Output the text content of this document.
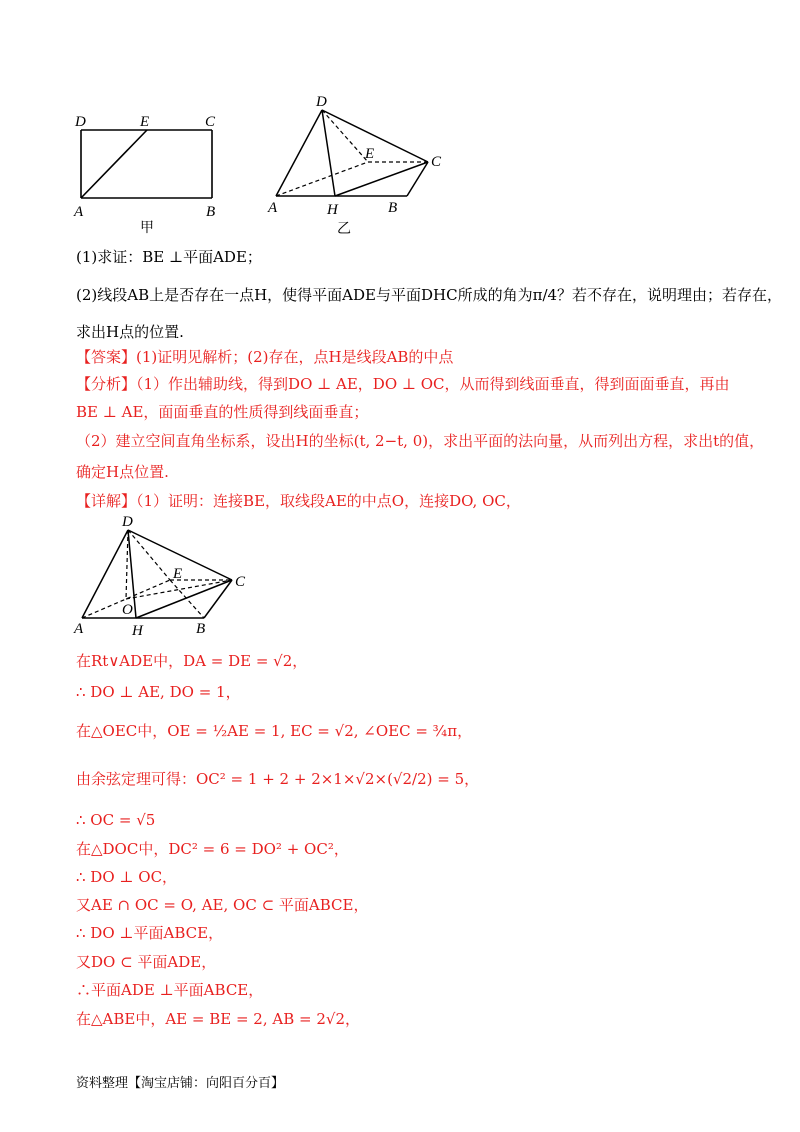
D	E	C
A	B
甲
D
E	C
A	H	B
乙
(1)求证：BE ⊥平面ADE；
(2)线段AB上是否存在一点H，使得平面ADE与平面DHC所成的角为π/4？若不存在，说明理由；若存在，
求出H点的位置.
【答案】(1)证明见解析；(2)存在，点H是线段AB的中点
【分析】（1）作出辅助线，得到DO ⊥ AE，DO ⊥ OC，从而得到线面垂直，得到面面垂直，再由
BE ⊥ AE，面面垂直的性质得到线面垂直；
（2）建立空间直角坐标系，设出H的坐标(t, 2−t, 0)，求出平面的法向量，从而列出方程，求出t的值，
确定H点位置.
【详解】（1）证明：连接BE，取线段AE的中点O，连接DO, OC，
D
E	C
A
O
H	B
在Rt∨ADE中，DA = DE = √2，
∴ DO ⊥ AE, DO = 1，
在△OEC中，OE = ½AE = 1, EC = √2, ∠OEC = ¾π，
由余弦定理可得：OC² = 1 + 2 + 2×1×√2×(√2/2) = 5，
∴ OC = √5
在△DOC中，DC² = 6 = DO² + OC²，
∴ DO ⊥ OC，
又AE ∩ OC = O, AE, OC ⊂ 平面ABCE，
∴ DO ⊥平面ABCE，
又DO ⊂ 平面ADE，
∴平面ADE ⊥平面ABCE，
在△ABE中，AE = BE = 2, AB = 2√2，
资料整理【淘宝店铺：向阳百分百】
